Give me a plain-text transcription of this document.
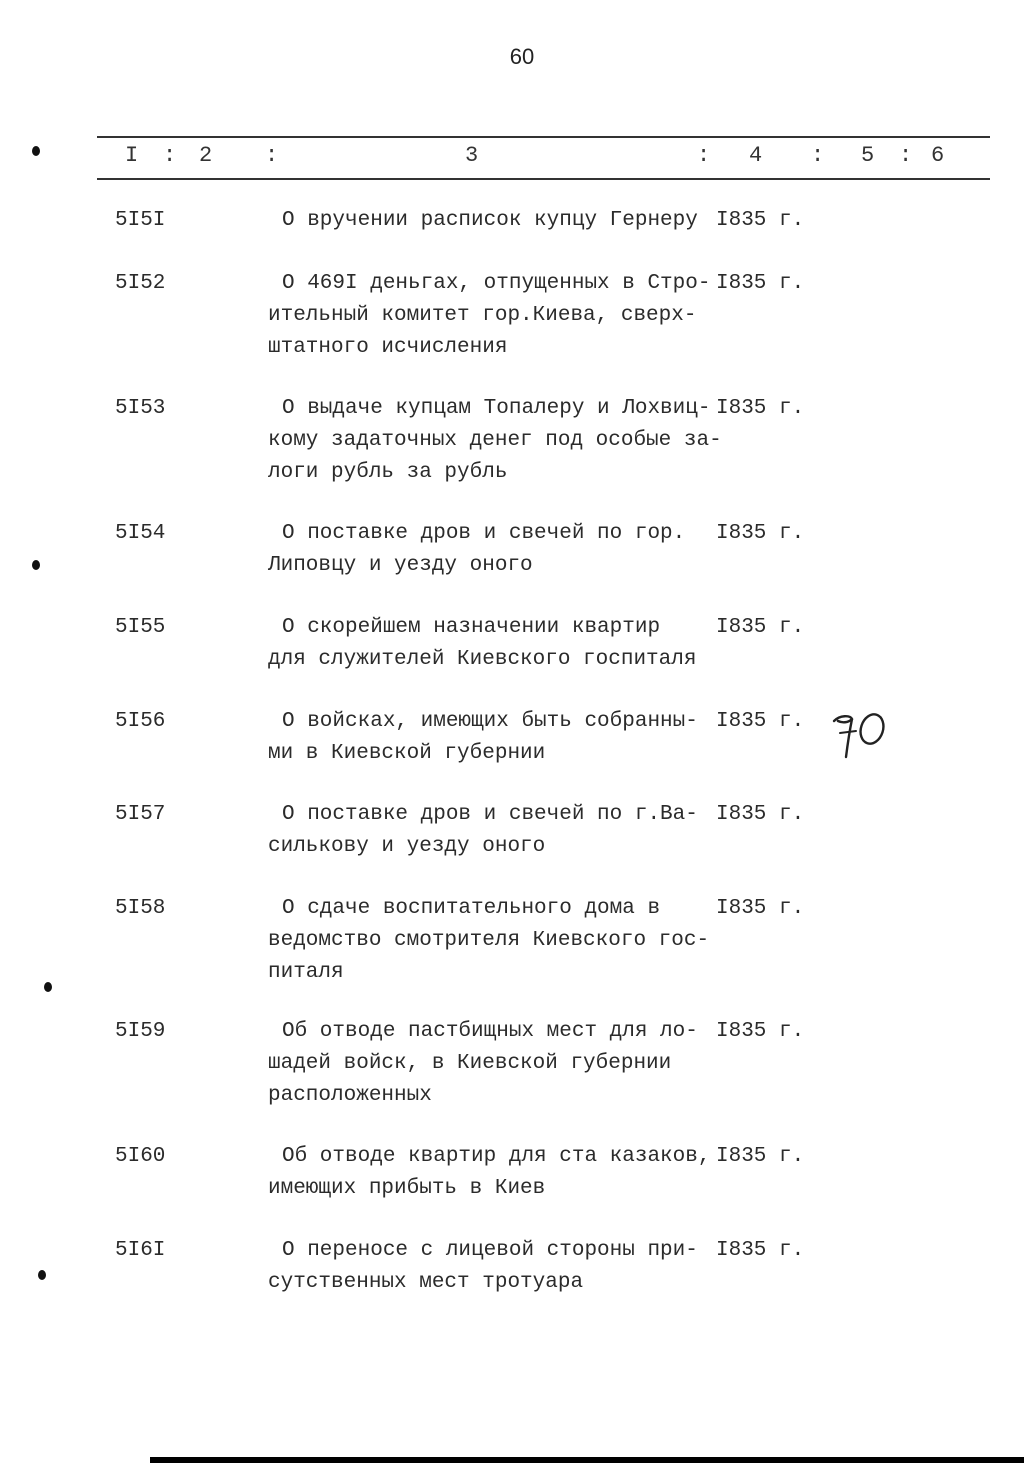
60
I : 2 :	3	: 4 : 5 : 6
5I5I	О вручении расписок купцу Гернеру I835 г.
5I52	О 469I деньгах, отпущенных в Стро-
ительный комитет гор.Киева, сверх-
штатного исчисления
I835 г.
5I53	О выдаче купцам Топалеру и Лохвиц-
кому задаточных денег под особые за-
логи рубль за рубль
I835 г.
5I54	О поставке дров и свечей по гор.
Липовцу и уезду оного
I835 г.
5I55	О скорейшем назначении квартир
для служителей Киевского госпиталя
I835 г.
5I56	О войсках, имеющих быть собранны-
ми в Киевской губернии
I835 г.
5I57	О поставке дров и свечей по г.Ва-
силькову и уезду оного
I835 г.
5I58	О сдаче воспитательного дома в
ведомство смотрителя Киевского гос-
питаля
I835 г.
5I59	Об отводе пастбищных мест для ло-
шадей войск, в Киевской губернии
расположенных
I835 г.
5I60	Об отводе квартир для ста казаков,
имеющих прибыть в Киев
I835 г.
5I6I	О переносе с лицевой стороны при-
сутственных мест тротуара
I835 г.
